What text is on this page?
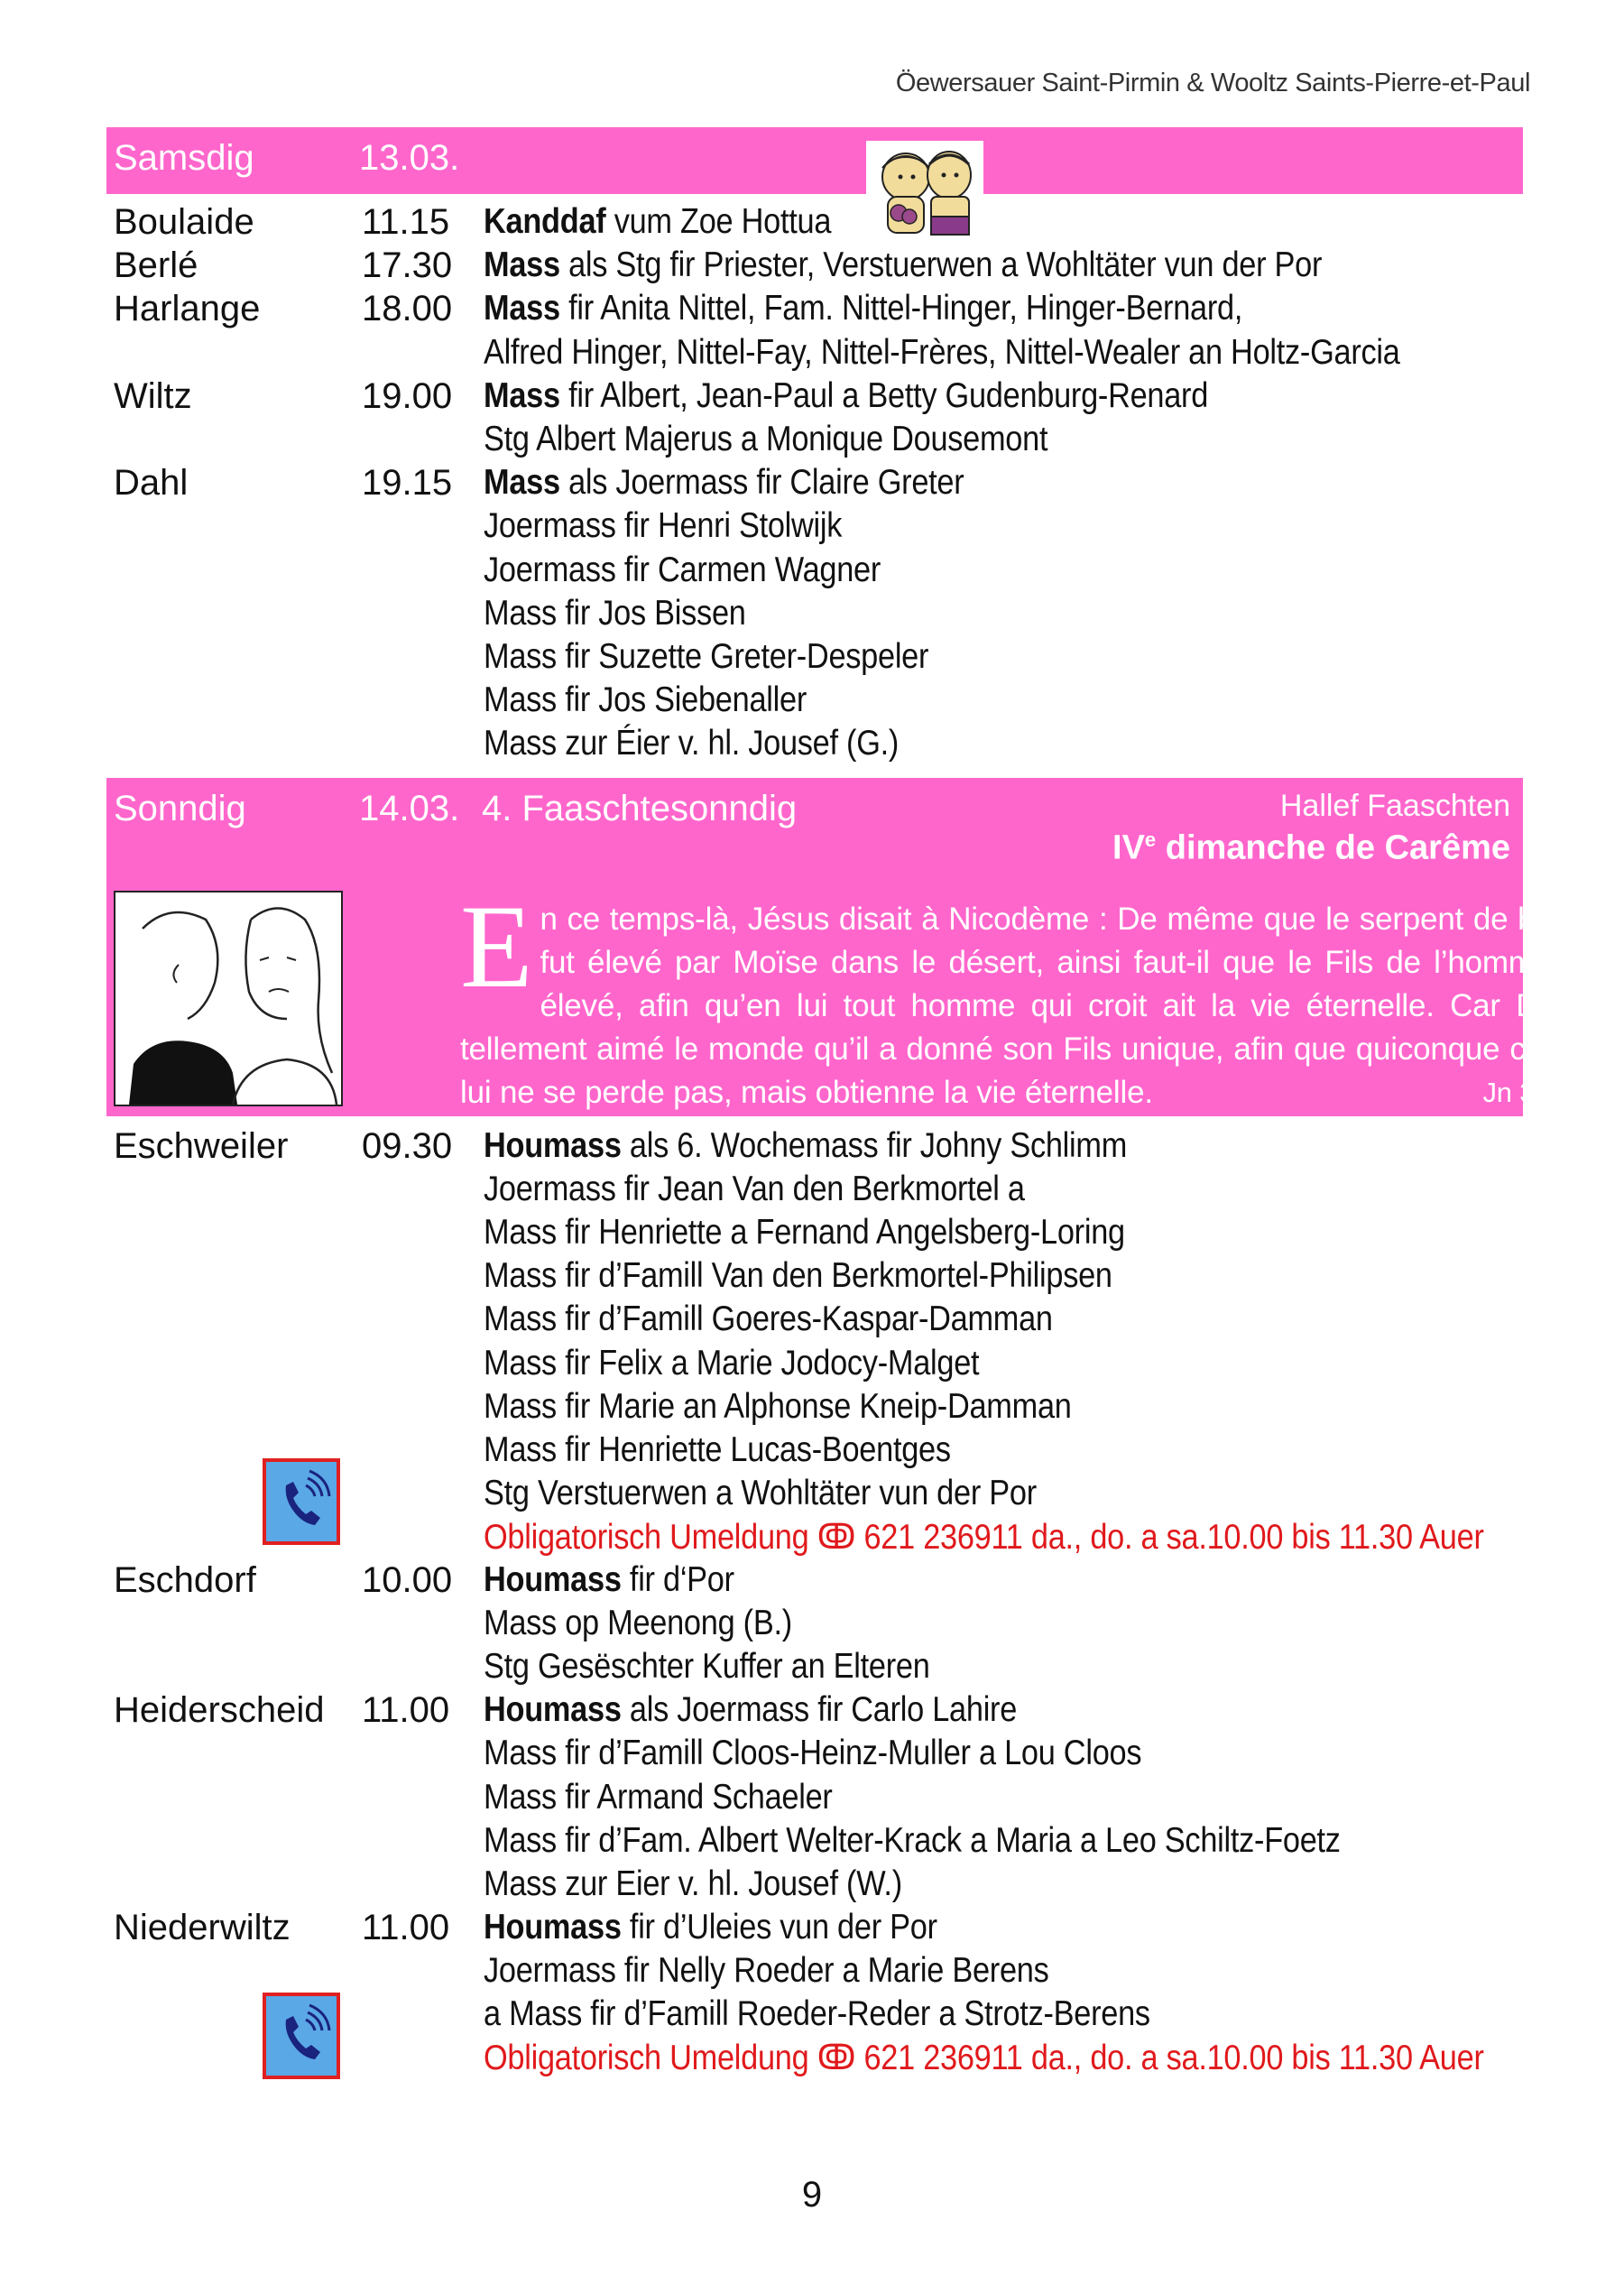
Öewersauer Saint-Pirmin & Wooltz Saints-Pierre-et-Paul
Samsdig	13.03.
Boulaide	11.15 Kanddaf vum Zoe Hottua
Berlé	17.30 Mass als Stg fir Priester, Verstuerwen a Wohltäter vun der Por
Harlange	18.00 Mass fir Anita Nittel, Fam. Nittel-Hinger, Hinger-Bernard,
Alfred Hinger, Nittel-Fay, Nittel-Frères, Nittel-Wealer an Holtz-Garcia
Wiltz	19.00 Mass fir Albert, Jean-Paul a Betty Gudenburg-Renard
Stg Albert Majerus a Monique Dousemont
Dahl	19.15 Mass als Joermass fir Claire Greter
Joermass fir Henri Stolwijk
Joermass fir Carmen Wagner
Mass fir Jos Bissen
Mass fir Suzette Greter-Despeler
Mass fir Jos Siebenaller
Mass zur Éier v. hl. Jousef (G.)
Sonndig	14.03. 4. Faaschtesonndig	Hallef Faaschten
IVe dimanche de Carême
E n ce temps-là, Jésus disait à Nicodème : De même que le serpent de bronze fut élevé par Moïse dans le désert, ainsi faut-il que le Fils de l’homme soit élevé, afin qu’en lui tout homme qui croit ait la vie éternelle. Car Dieu a tellement aimé le monde qu’il a donné son Fils unique, afin que quiconque croit en lui ne se perde pas, mais obtienne la vie éternelle.	Jn 3,14-21
Eschweiler 09.30 Houmass als 6. Wochemass fir Johny Schlimm
Joermass fir Jean Van den Berkmortel a
Mass fir Henriette a Fernand Angelsberg-Loring
Mass fir d’Famill Van den Berkmortel-Philipsen
Mass fir d’Famill Goeres-Kaspar-Damman
Mass fir Felix a Marie Jodocy-Malget
Mass fir Marie an Alphonse Kneip-Damman
Mass fir Henriette Lucas-Boentges
Stg Verstuerwen a Wohltäter vun der Por
Obligatorisch Umeldung ↂ 621 236911 da., do. a sa.10.00 bis 11.30 Auer
Eschdorf	10.00 Houmass fir d‘Por
Mass op Meenong (B.)
Stg Gesëschter Kuffer an Elteren
Heiderscheid 11.00 Houmass als Joermass fir Carlo Lahire
Mass fir d’Famill Cloos-Heinz-Muller a Lou Cloos
Mass fir Armand Schaeler
Mass fir d’Fam. Albert Welter-Krack a Maria a Leo Schiltz-Foetz
Mass zur Eier v. hl. Jousef (W.)
Niederwiltz 11.00 Houmass fir d’Uleies vun der Por
Joermass fir Nelly Roeder a Marie Berens
a Mass fir d’Famill Roeder-Reder a Strotz-Berens
Obligatorisch Umeldung ↂ 621 236911 da., do. a sa.10.00 bis 11.30 Auer
9
